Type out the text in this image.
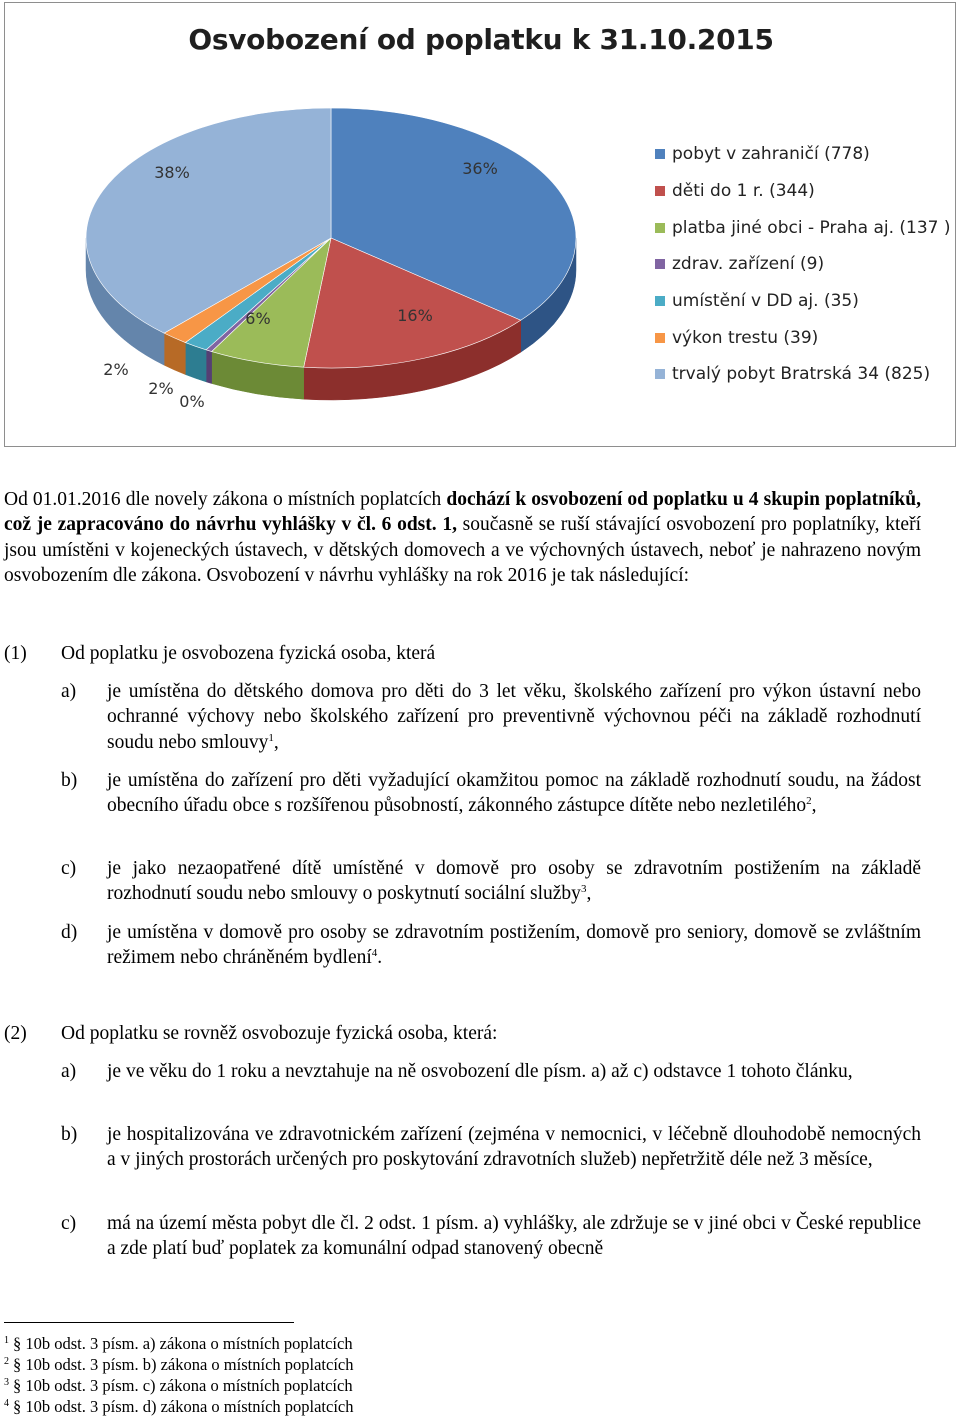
Osvobození od poplatku k 31.10.2015
36%
16%
6%
0%
2%
2%
38%
pobyt v zahraničí (778)
děti do 1 r. (344)
platba jiné obci - Praha aj. (137 )
zdrav. zařízení (9)
umístění v DD aj. (35)
výkon trestu (39)
trvalý pobyt Bratrská 34 (825)

Od 01.01.2016 dle novely zákona o místních poplatcích dochází k osvobození od poplatku u 4 skupin poplatníků, což je zapracováno do návrhu vyhlášky v čl. 6 odst. 1, současně se ruší stávající osvobození pro poplatníky, kteří jsou umístěni v kojeneckých ústavech, v dětských domovech a ve výchovných ústavech, neboť je nahrazeno novým osvobozením dle zákona. Osvobození v návrhu vyhlášky na rok 2016 je tak následující:

(1) Od poplatku je osvobozena fyzická osoba, která
a) je umístěna do dětského domova pro děti do 3 let věku, školského zařízení pro výkon ústavní nebo ochranné výchovy nebo školského zařízení pro preventivně výchovnou péči na základě rozhodnutí soudu nebo smlouvy$^1$,

b) je umístěna do zařízení pro děti vyžadující okamžitou pomoc na základě rozhodnutí soudu, na žádost obecního úřadu obce s rozšířenou působností, zákonného zástupce dítěte nebo nezletilého$^2$,

c) je jako nezaopatřené dítě umístěné v domově pro osoby se zdravotním postižením na základě rozhodnutí soudu nebo smlouvy o poskytnutí sociální služby$^3$,

d) je umístěna v domově pro osoby se zdravotním postižením, domově pro seniory, domově se zvláštním režimem nebo chráněném bydlení$^4$.

(2) Od poplatku se rovněž osvobozuje fyzická osoba, která:
a) je ve věku do 1 roku a nevztahuje na ně osvobození dle písm. a) až c) odstavce 1 tohoto článku,

b) je hospitalizována ve zdravotnickém zařízení (zejména v nemocnici, v léčebně dlouhodobě nemocných a v jiných prostorách určených pro poskytování zdravotních služeb) nepřetržitě déle než 3 měsíce,

c) má na území města pobyt dle čl. 2 odst. 1 písm. a) vyhlášky, ale zdržuje se v jiné obci v České republice a zde platí buď poplatek za komunální odpad stanovený obecně

$^1$ § 10b odst. 3 písm. a) zákona o místních poplatcích
$^2$ § 10b odst. 3 písm. b) zákona o místních poplatcích
$^3$ § 10b odst. 3 písm. c) zákona o místních poplatcích
$^4$ § 10b odst. 3 písm. d) zákona o místních poplatcích
